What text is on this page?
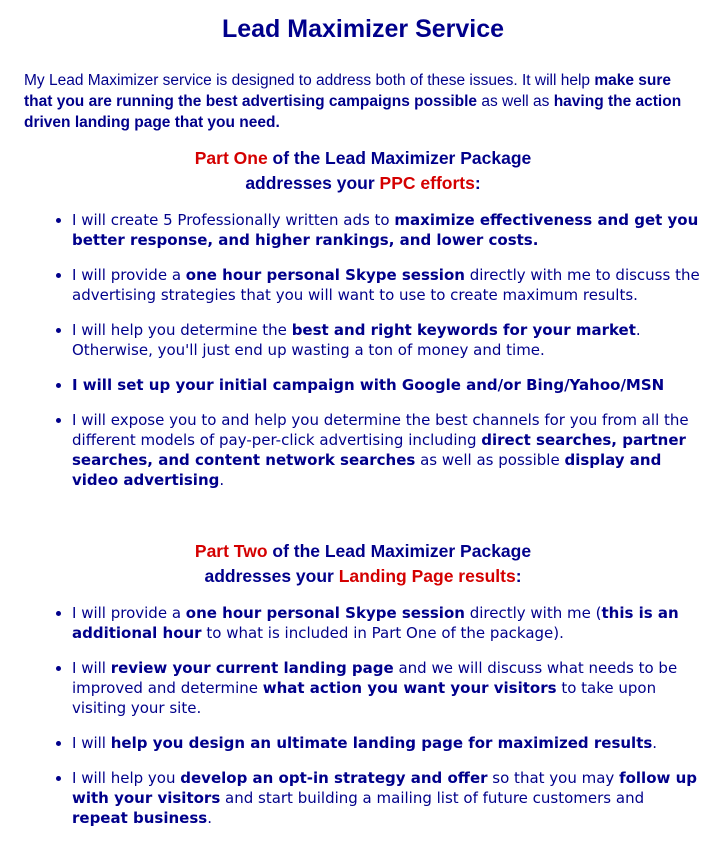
Lead Maximizer Service

My Lead Maximizer service is designed to address both of these issues. It will help make sure that you are running the best advertising campaigns possible as well as having the action driven landing page that you need.

Part One of the Lead Maximizer Package
addresses your PPC efforts:
• I will create 5 Professionally written ads to maximize effectiveness and get you better response, and higher rankings, and lower costs.
• I will provide a one hour personal Skype session directly with me to discuss the advertising strategies that you will want to use to create maximum results.
• I will help you determine the best and right keywords for your market. Otherwise, you'll just end up wasting a ton of money and time.
• I will set up your initial campaign with Google and/or Bing/Yahoo/MSN
• I will expose you to and help you determine the best channels for you from all the different models of pay-per-click advertising including direct searches, partner searches, and content network searches as well as possible display and video advertising.
Part Two of the Lead Maximizer Package
addresses your Landing Page results:
• I will provide a one hour personal Skype session directly with me (this is an additional hour to what is included in Part One of the package).
• I will review your current landing page and we will discuss what needs to be improved and determine what action you want your visitors to take upon visiting your site.
• I will help you design an ultimate landing page for maximized results.
• I will help you develop an opt-in strategy and offer so that you may follow up with your visitors and start building a mailing list of future customers and repeat business.
